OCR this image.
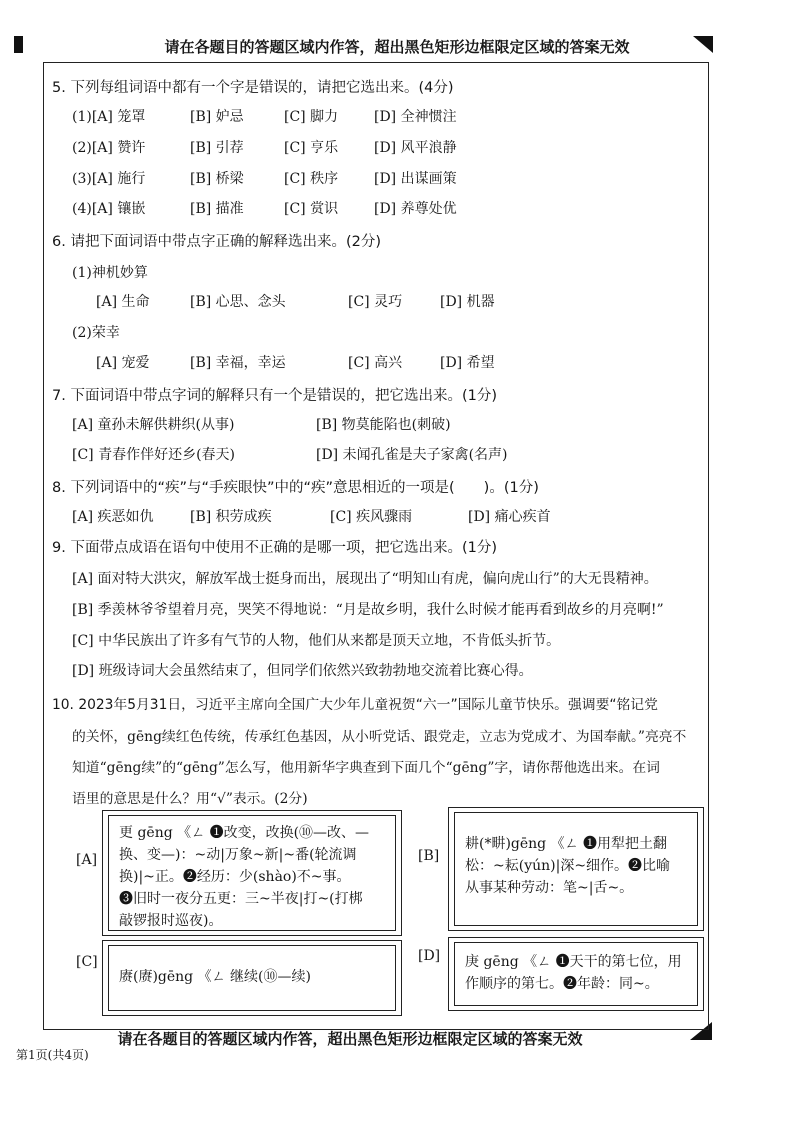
请在各题目的答题区域内作答，超出黑色矩形边框限定区域的答案无效
5. 下列每组词语中都有一个字是错误的，请把它选出来。(4分)
(1)[A] 笼罩	[B] 妒忌	[C] 脚力	[D] 全神惯注
(2)[A] 赞许	[B] 引荐	[C] 亨乐	[D] 风平浪静
(3)[A] 施行	[B] 桥梁	[C] 秩序	[D] 出谋画策
(4)[A] 镶嵌	[B] 描准	[C] 赏识	[D] 养尊处优
6. 请把下面词语中带点字正确的解释选出来。(2分)
(1)神机妙算
[A] 生命	[B] 心思、念头	[C] 灵巧	[D] 机器
(2)荣幸
[A] 宠爱	[B] 幸福，幸运	[C] 高兴	[D] 希望
7. 下面词语中带点字词的解释只有一个是错误的，把它选出来。(1分)
[A] 童孙未解供耕织(从事)	[B] 物莫能陷也(刺破)
[C] 青春作伴好还乡(春天)	[D] 未闻孔雀是夫子家禽(名声)
8. 下列词语中的“疾”与“手疾眼快”中的“疾”意思相近的一项是(　　)。(1分)
[A] 疾恶如仇	[B] 积劳成疾	[C] 疾风骤雨	[D] 痛心疾首
9. 下面带点成语在语句中使用不正确的是哪一项，把它选出来。(1分)
[A] 面对特大洪灾，解放军战士挺身而出，展现出了“明知山有虎，偏向虎山行”的大无畏精神。
[B] 季羡林爷爷望着月亮，哭笑不得地说：“月是故乡明，我什么时候才能再看到故乡的月亮啊!”
[C] 中华民族出了许多有气节的人物，他们从来都是顶天立地，不肯低头折节。
[D] 班级诗词大会虽然结束了，但同学们依然兴致勃勃地交流着比赛心得。
10. 2023年5月31日，习近平主席向全国广大少年儿童祝贺“六一”国际儿童节快乐。强调要“铭记党
的关怀，gēng续红色传统，传承红色基因，从小听党话、跟党走，立志为党成才、为国奉献。”亮亮不
知道“gēng续”的“gēng”怎么写，他用新华字典查到下面几个“gēng”字，请你帮他选出来。在词
语里的意思是什么？用“√”表示。(2分)
[A]
更 gēng 《ㄥ ❶改变，改换(⑩—改、—
换、变—)：~动|万象~新|~番(轮流调
换)|~正。❷经历：少(shào)不~事。
❸旧时一夜分五更：三~半夜|打~(打梆
敲锣报时巡夜)。
[B]
耕(*畊)gēng 《ㄥ ❶用犁把土翻
松：~耘(yún)|深~细作。❷比喻
从事某种劳动：笔~|舌~。
[C]
赓(赓)gēng 《ㄥ 继续(⑩—续)
[D] 庚 gēng 《ㄥ ❶天干的第七位，用
作顺序的第七。❷年龄：同~。
请在各题目的答题区域内作答，超出黑色矩形边框限定区域的答案无效
第1页(共4页)
